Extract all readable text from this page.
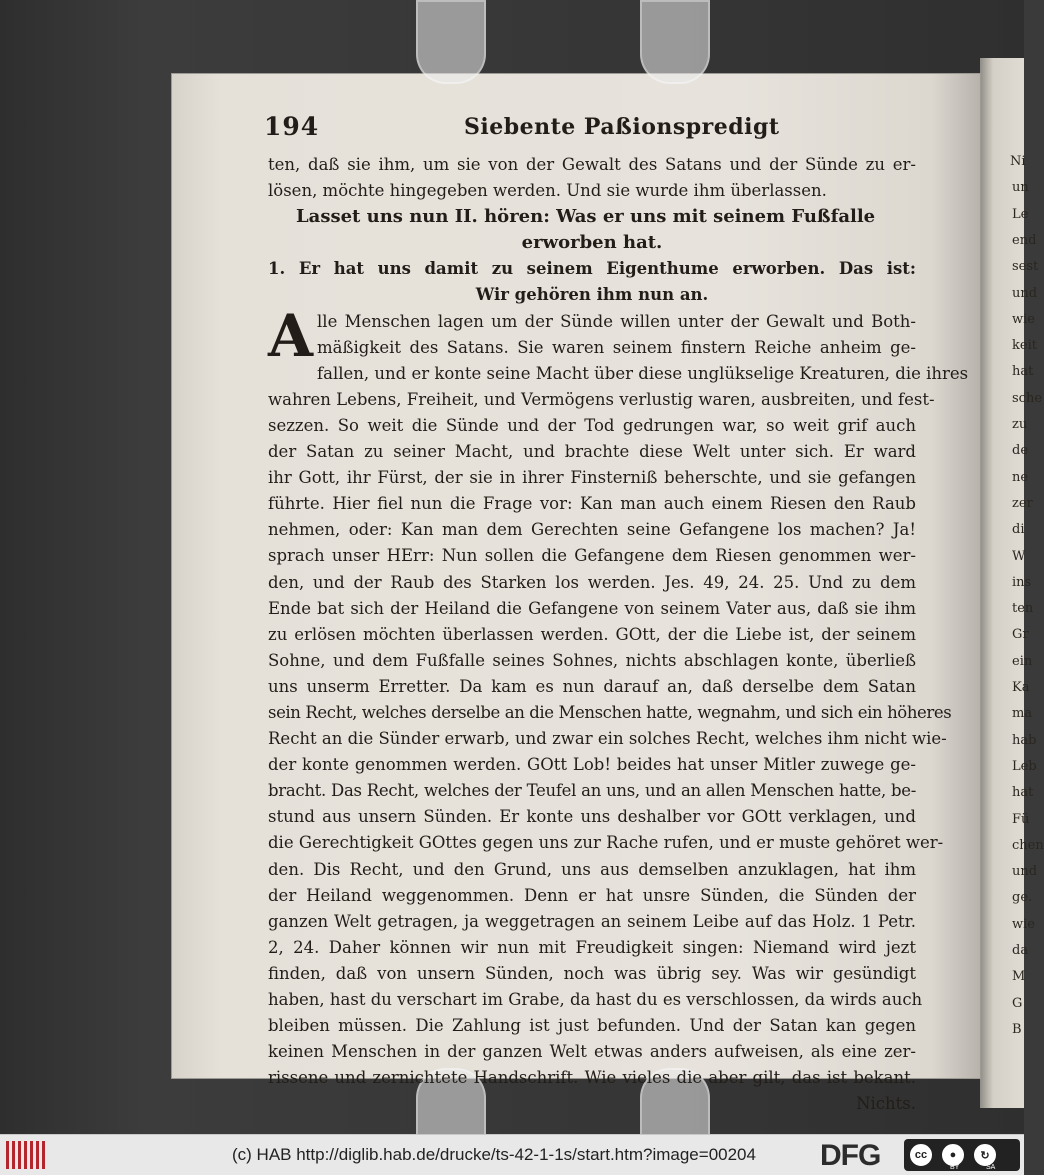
Ni
un
Le
end
sest
und
wie
keit
hat
sche
zu
de
ne
zer
di
W
ins
ten
Gr
ein
Ka
ma
hab
Leb
hat
Fü
chen
und
ge.
wie
da
M
G
B
194	Siebente Paßionspredigt
ten, daß sie ihm, um sie von der Gewalt des Satans und der Sünde zu er-
lösen, möchte hingegeben werden. Und sie wurde ihm überlassen.
Lasset uns nun II. hören: Was er uns mit seinem Fußfalle
erworben hat.
1. Er hat uns damit zu seinem Eigenthume erworben. Das ist:
Wir gehören ihm nun an.
A lle Menschen lagen um der Sünde willen unter der Gewalt und Both-
mäßigkeit des Satans. Sie waren seinem finstern Reiche anheim ge-
fallen, und er konte seine Macht über diese unglükselige Kreaturen, die ihres
wahren Lebens, Freiheit, und Vermögens verlustig waren, ausbreiten, und fest-
sezzen. So weit die Sünde und der Tod gedrungen war, so weit grif auch
der Satan zu seiner Macht, und brachte diese Welt unter sich. Er ward
ihr Gott, ihr Fürst, der sie in ihrer Finsterniß beherschte, und sie gefangen
führte. Hier fiel nun die Frage vor: Kan man auch einem Riesen den Raub
nehmen, oder: Kan man dem Gerechten seine Gefangene los machen? Ja!
sprach unser HErr: Nun sollen die Gefangene dem Riesen genommen wer-
den, und der Raub des Starken los werden. Jes. 49, 24. 25. Und zu dem
Ende bat sich der Heiland die Gefangene von seinem Vater aus, daß sie ihm
zu erlösen möchten überlassen werden. GOtt, der die Liebe ist, der seinem
Sohne, und dem Fußfalle seines Sohnes, nichts abschlagen konte, überließ
uns unserm Erretter. Da kam es nun darauf an, daß derselbe dem Satan
sein Recht, welches derselbe an die Menschen hatte, wegnahm, und sich ein höheres
Recht an die Sünder erwarb, und zwar ein solches Recht, welches ihm nicht wie-
der konte genommen werden. GOtt Lob! beides hat unser Mitler zuwege ge-
bracht. Das Recht, welches der Teufel an uns, und an allen Menschen hatte, be-
stund aus unsern Sünden. Er konte uns deshalber vor GOtt verklagen, und
die Gerechtigkeit GOttes gegen uns zur Rache rufen, und er muste gehöret wer-
den. Dis Recht, und den Grund, uns aus demselben anzuklagen, hat ihm
der Heiland weggenommen. Denn er hat unsre Sünden, die Sünden der
ganzen Welt getragen, ja weggetragen an seinem Leibe auf das Holz. 1 Petr.
2, 24. Daher können wir nun mit Freudigkeit singen: Niemand wird jezt
finden, daß von unsern Sünden, noch was übrig sey. Was wir gesündigt
haben, hast du verschart im Grabe, da hast du es verschlossen, da wirds auch
bleiben müssen. Die Zahlung ist just befunden. Und der Satan kan gegen
keinen Menschen in der ganzen Welt etwas anders aufweisen, als eine zer-
rissene und zernichtete Handschrift. Wie vieles die aber gilt, das ist bekant.
Nichts.
(c) HAB http://diglib.hab.de/drucke/ts-42-1-1s/start.htm?image=00204 DFG	cc	●	↻
BY	SA
